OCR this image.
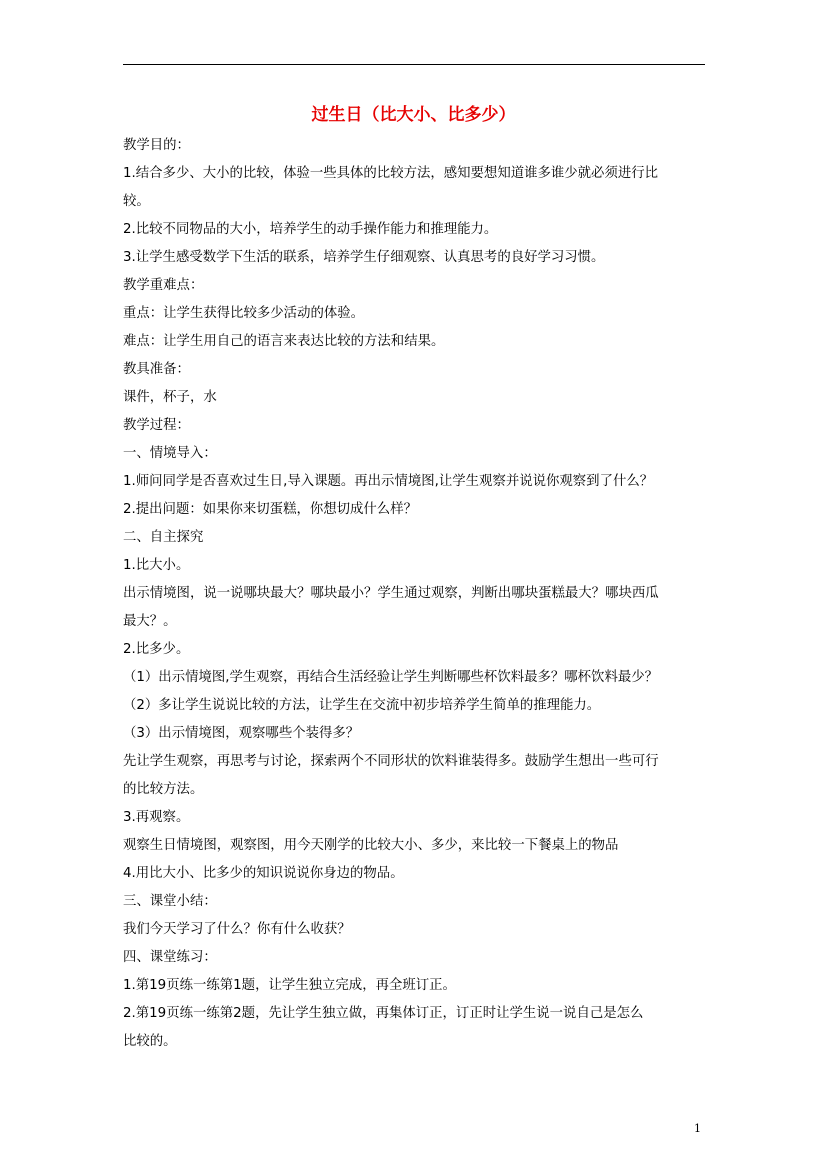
过生日（比大小、比多少）
教学目的：
1.结合多少、大小的比较，体验一些具体的比较方法，感知要想知道谁多谁少就必须进行比
较。
2.比较不同物品的大小，培养学生的动手操作能力和推理能力。
3.让学生感受数学下生活的联系，培养学生仔细观察、认真思考的良好学习习惯。
教学重难点：
重点：让学生获得比较多少活动的体验。
难点：让学生用自己的语言来表达比较的方法和结果。
教具准备：
课件，杯子，水
教学过程：
一、情境导入：
1.师问同学是否喜欢过生日,导入课题。再出示情境图,让学生观察并说说你观察到了什么？
2.提出问题：如果你来切蛋糕，你想切成什么样？
二、自主探究
1.比大小。
出示情境图，说一说哪块最大？哪块最小？学生通过观察，判断出哪块蛋糕最大？哪块西瓜
最大？。
2.比多少。
（1）出示情境图,学生观察，再结合生活经验让学生判断哪些杯饮料最多？哪杯饮料最少？
（2）多让学生说说比较的方法，让学生在交流中初步培养学生简单的推理能力。
（3）出示情境图，观察哪些个装得多？
先让学生观察，再思考与讨论，探索两个不同形状的饮料谁装得多。鼓励学生想出一些可行
的比较方法。
3.再观察。
观察生日情境图，观察图，用今天刚学的比较大小、多少，来比较一下餐桌上的物品
4.用比大小、比多少的知识说说你身边的物品。
三、课堂小结：
我们今天学习了什么？你有什么收获？
四、课堂练习：
1.第19页练一练第1题，让学生独立完成，再全班订正。
2.第19页练一练第2题，先让学生独立做，再集体订正，订正时让学生说一说自己是怎么
比较的。
1
